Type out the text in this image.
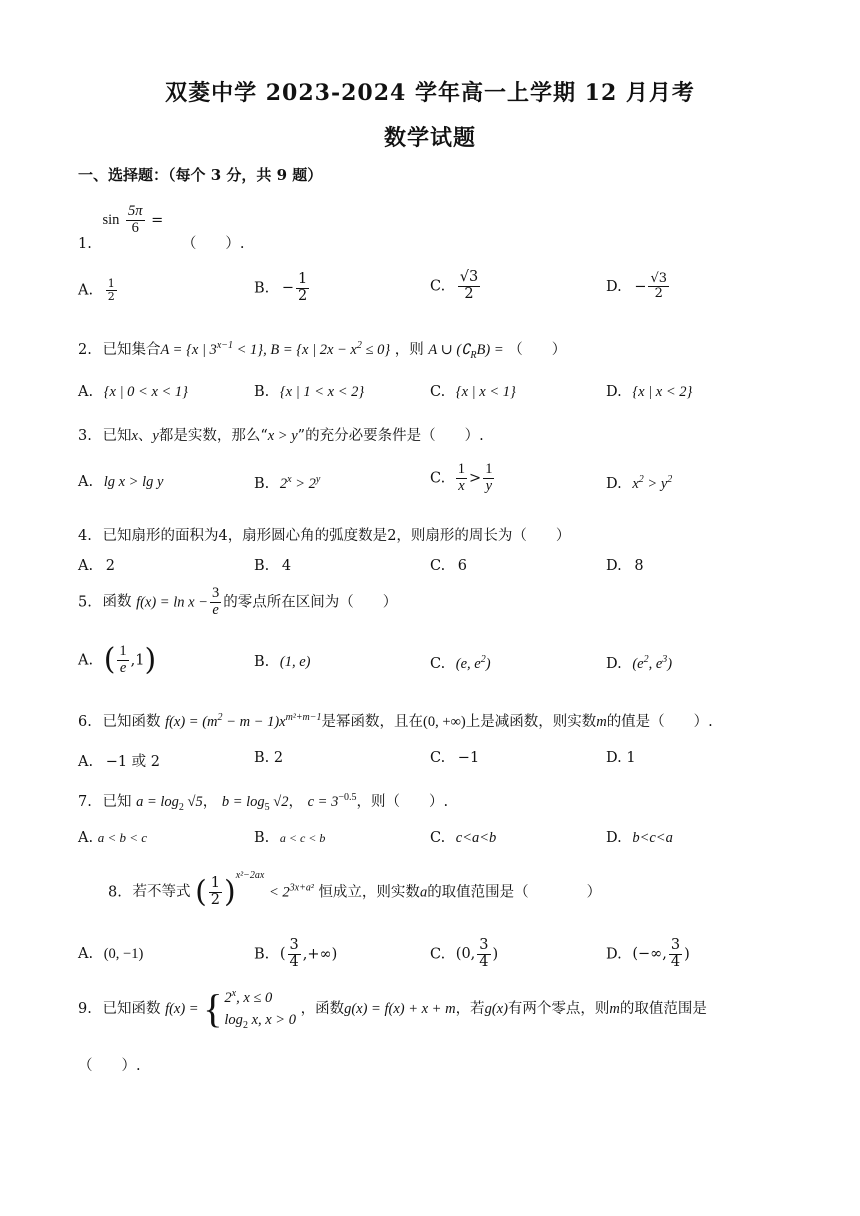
双菱中学 2023-2024 学年高一上学期 12 月月考
数学试题
一、选择题：（每个 3 分，共 9 题）
1. $\sin \frac{5\pi}{6}$ = （　　）.
A. $\frac{1}{2}$	B. − $\frac{1}{2}$	C. $\frac{√3}{2}$	D. − $\frac{√3}{2}$
2. 已知集合A = {x | $3^{x-1} < 1$}, B = {x | $2x - x^2 \le 0$} ，则 A ∪ $(∁_RB)$ = （　　）
A. {x | 0 < x < 1}	B. {x | 1 < x < 2}	C. {x | x < 1}	D. {x | x < 2}
3. 已知x、y都是实数，那么“x > y”的充分必要条件是（　　）.
A. lg x > lg y	B. $2^x > 2^y$	C. $\frac{1}{x} > \frac{1}{y}$	D. $x^2 > y^2$
4. 已知扇形的面积为4，扇形圆心角的弧度数是2，则扇形的周长为（　　）
A. 2	B. 4	C. 6	D. 8
5. 函数 $f(x) = \ln x - \frac{3}{e}$ 的零点所在区间为（　　）
A. ( $\frac{1}{e} ,1$)	B. (1, e)	C. (e, $e^2$)	D. ($e^2$, $e^3$)
6. 已知函数 $f(x) = (m^2 - m - 1)x^{m^2+m-1}$是幂函数，且在(0, +∞)上是减函数，则实数m的值是（　　）.
A. −1 或 2	B. 2	C. −1	D. 1
7. 已知 $a = \log_2 √5$， $b = \log_5 √2$， $c = 3^{-0.5}$，则（　　）.
A. a < b < c	B. a < c < b	C. c<a<b	D. b<c<a
8. 若不等式 ( $\frac{1}{2} )^{x^2-2ax} < 2^{3x+a^2}$ 恒成立，则实数a的取值范围是（　　　　）
A. (0, −1)	B. ( $\frac{3}{4}$ ,+∞)	C. (0, $\frac{3}{4}$ )	D. (−∞, $\frac{3}{4}$ )
9. 已知函数 f(x) = { 2$^x$, x ≤ 0
$\log_2 x$, x > 0
，函数g(x) = f(x) + x + m，若g(x)有两个零点，则m的取值范围是
（　　）.
